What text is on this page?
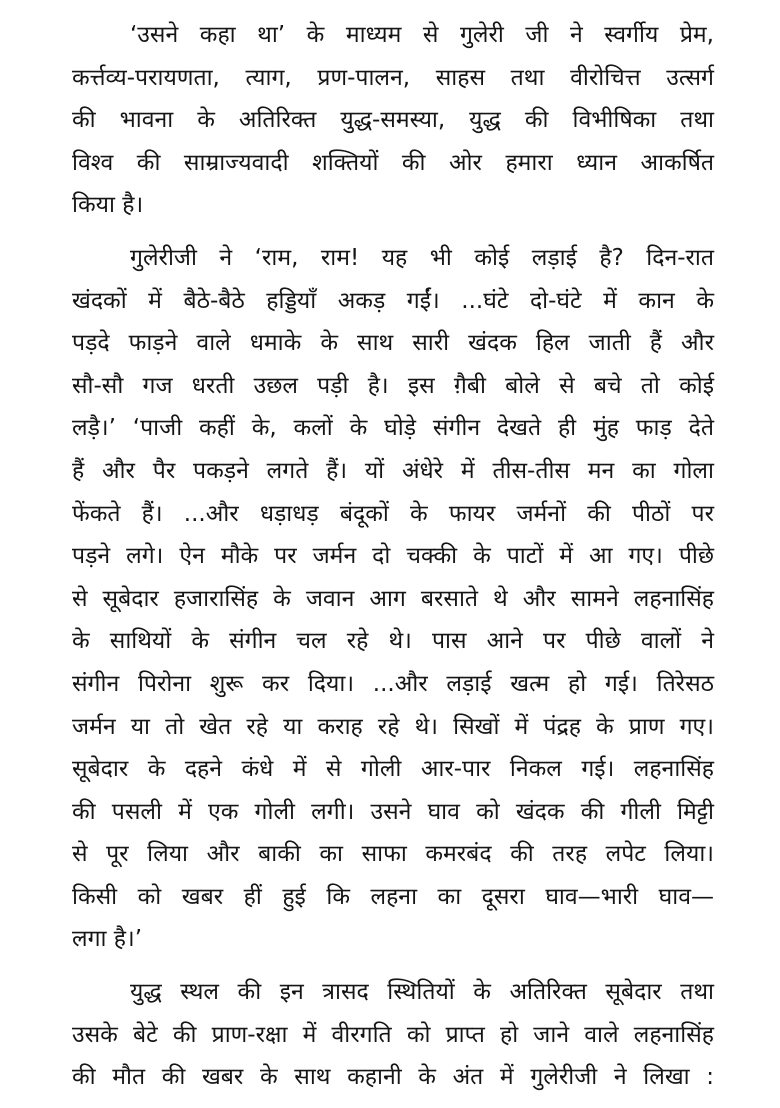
‘उसने कहा था’ के माध्यम से गुलेरी जी ने स्वर्गीय प्रेम,
कर्त्तव्य-परायणता, त्याग, प्रण-पालन, साहस तथा वीरोचित्त उत्सर्ग
की भावना के अतिरिक्त युद्ध-समस्या, युद्ध की विभीषिका तथा
विश्व की साम्राज्यवादी शक्तियों की ओर हमारा ध्यान आकर्षित
किया है।
गुलेरीजी ने ‘राम, राम! यह भी कोई लड़ाई है? दिन-रात
खंदकों में बैठे-बैठे हड्डियाँ अकड़ गईं। ...घंटे दो-घंटे में कान के
पड़दे फाड़ने वाले धमाके के साथ सारी खंदक हिल जाती हैं और
सौ-सौ गज धरती उछल पड़ी है। इस ग़ैबी बोले से बचे तो कोई
लड़ै।’ ‘पाजी कहीं के, कलों के घोड़े संगीन देखते ही मुंह फाड़ देते
हैं और पैर पकड़ने लगते हैं। यों अंधेरे में तीस-तीस मन का गोला
फेंकते हैं। ...और धड़ाधड़ बंदूकों के फायर जर्मनों की पीठों पर
पड़ने लगे। ऐन मौके पर जर्मन दो चक्की के पाटों में आ गए। पीछे
से सूबेदार हजारासिंह के जवान आग बरसाते थे और सामने लहनासिंह
के साथियों के संगीन चल रहे थे। पास आने पर पीछे वालों ने
संगीन पिरोना शुरू कर दिया। ...और लड़ाई खत्म हो गई। तिरेसठ
जर्मन या तो खेत रहे या कराह रहे थे। सिखों में पंद्रह के प्राण गए।
सूबेदार के दहने कंधे में से गोली आर-पार निकल गई। लहनासिंह
की पसली में एक गोली लगी। उसने घाव को खंदक की गीली मिट्टी
से पूर लिया और बाकी का साफा कमरबंद की तरह लपेट लिया।
किसी को खबर हीं हुई कि लहना का दूसरा घाव—भारी घाव—
लगा है।’
युद्ध स्थल की इन त्रासद स्थितियों के अतिरिक्त सूबेदार तथा
उसके बेटे की प्राण-रक्षा में वीरगति को प्राप्त हो जाने वाले लहनासिंह
की मौत की खबर के साथ कहानी के अंत में गुलेरीजी ने लिखा :
